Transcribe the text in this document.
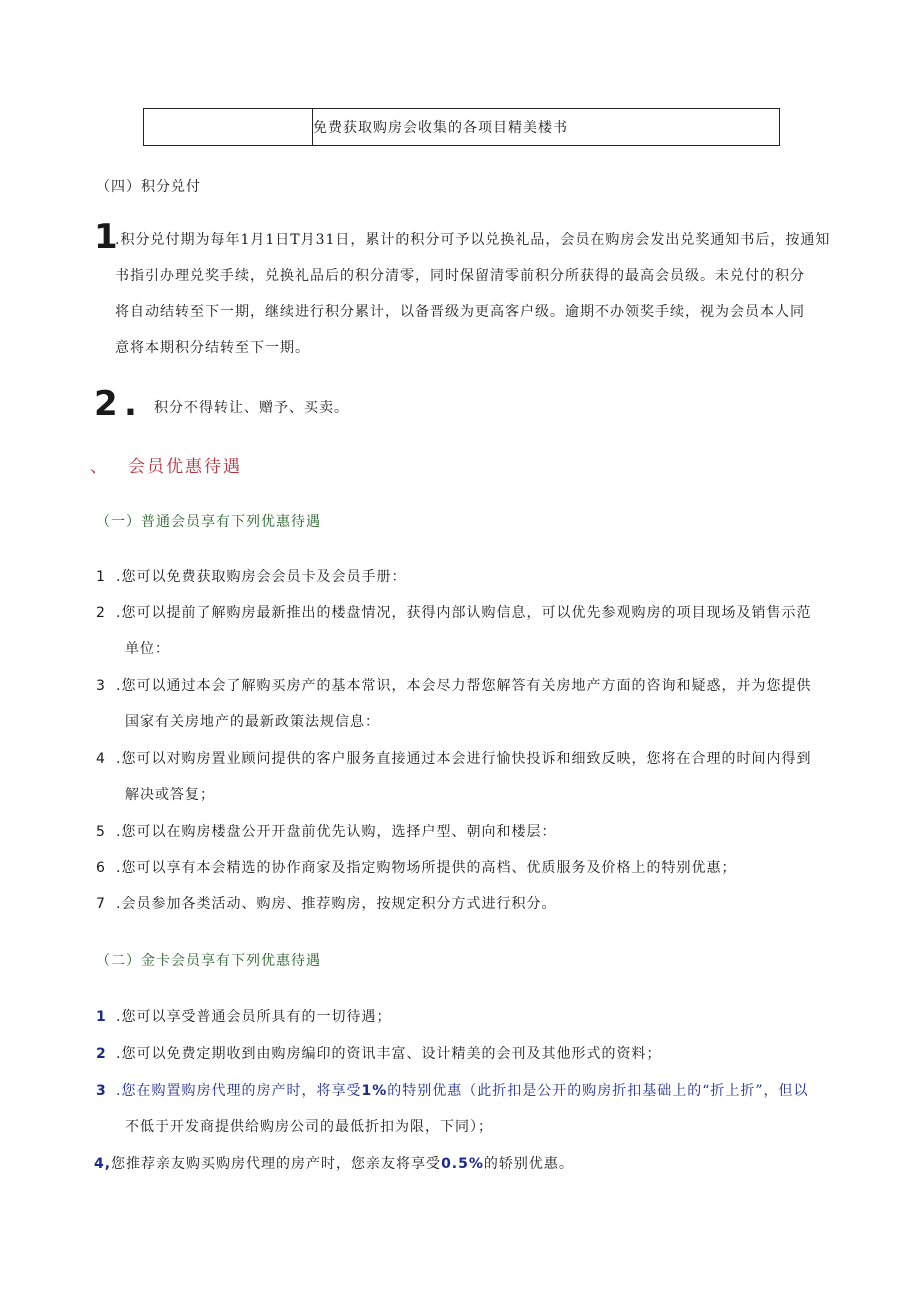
免费获取购房会收集的各项目精美楼书
（四）积分兑付
1
.积分兑付期为每年1月1日T月31日，累计的积分可予以兑换礼品，会员在购房会发出兑奖通知书后，按通知
书指引办理兑奖手续，兑换礼品后的积分清零，同时保留清零前积分所获得的最高会员级。未兑付的积分
将自动结转至下一期，继续进行积分累计，以备晋级为更高客户级。逾期不办领奖手续，视为会员本人同
意将本期积分结转至下一期。
2 . 积分不得转让、赠予、买卖。
、 会员优惠待遇
（一）普通会员享有下列优惠待遇
1 .您可以免费获取购房会会员卡及会员手册：
2 .您可以提前了解购房最新推出的楼盘情况，获得内部认购信息，可以优先参观购房的项目现场及销售示范
单位：
3 .您可以通过本会了解购买房产的基本常识，本会尽力帮您解答有关房地产方面的咨询和疑惑，并为您提供
国家有关房地产的最新政策法规信息：
4 .您可以对购房置业顾问提供的客户服务直接通过本会进行愉快投诉和细致反映，您将在合理的时间内得到
解决或答复；
5 .您可以在购房楼盘公开开盘前优先认购，选择户型、朝向和楼层：
6 .您可以享有本会精选的协作商家及指定购物场所提供的高档、优质服务及价格上的特别优惠；
7 .会员参加各类活动、购房、推荐购房，按规定积分方式进行积分。
（二）金卡会员享有下列优惠待遇
1 .您可以享受普通会员所具有的一切待遇；
2 .您可以免费定期收到由购房编印的资讯丰富、设计精美的会刊及其他形式的资料；
3 .您在购置购房代理的房产时，将享受1%的特别优惠（此折扣是公开的购房折扣基础上的“折上折”，但以
不低于开发商提供给购房公司的最低折扣为限，下同）；
4,您推荐亲友购买购房代理的房产时，您亲友将享受0.5%的轿别优惠。
